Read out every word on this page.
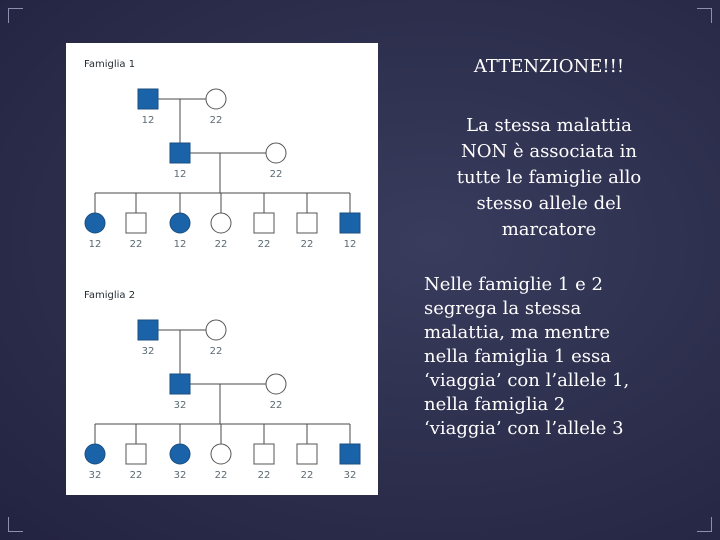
Famiglia 1
12	22
12	22
12	22	12	22	22	22	12
Famiglia 2
32	22
32	22
32	22	32	22	22	22	32
ATTENZIONE!!!
La stessa malattia
NON è associata in
tutte le famiglie allo
stesso allele del
marcatore
Nelle famiglie 1 e 2
segrega la stessa
malattia, ma mentre
nella famiglia 1 essa
‘viaggia’ con l’allele 1,
nella famiglia 2
‘viaggia’ con l’allele 3
